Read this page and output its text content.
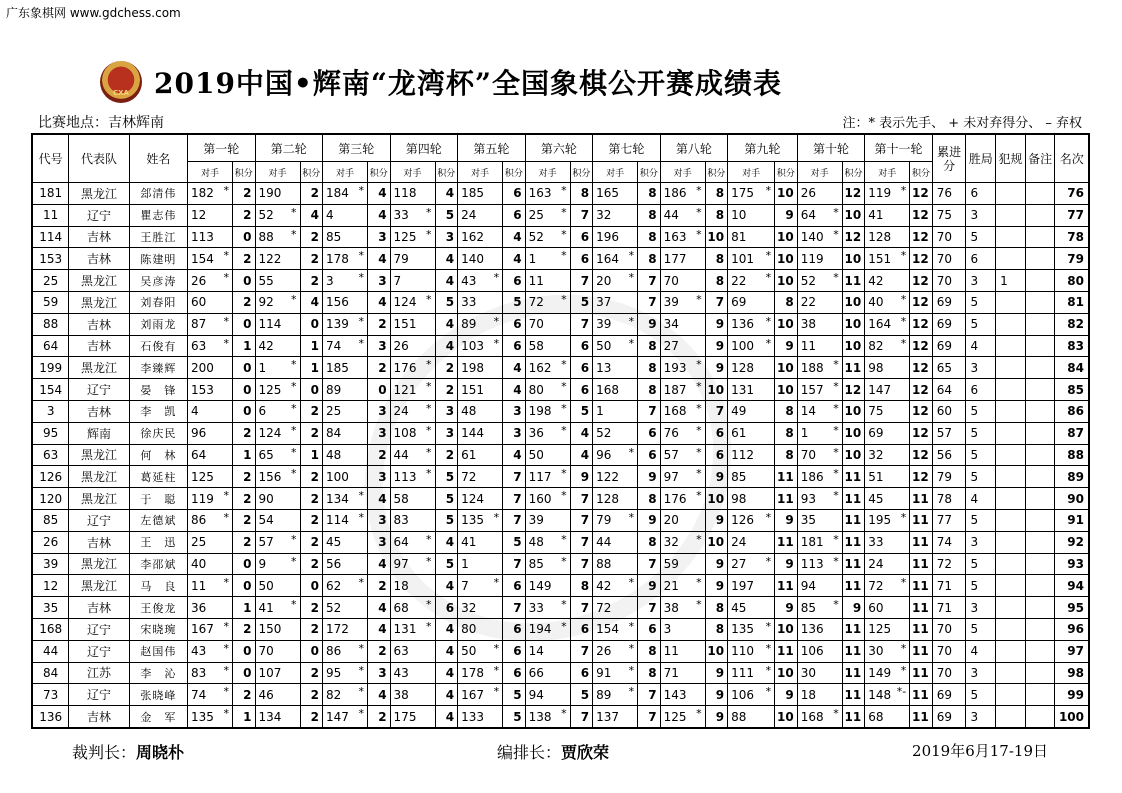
广东象棋网 www.gdchess.com
CXA 2019中国•辉南“龙湾杯”全国象棋公开赛成绩表
比赛地点：吉林辉南	注：* 表示先手、 + 未对弃得分、 – 弃权
代号	代表队	姓名	第一轮		第二轮		第三轮		第四轮		第五轮		第六轮		第七轮		第八轮		第九轮		第十轮		第十一轮		累进分	胜局	犯规	备注	名次
			对手	积分	对手	积分	对手	积分	对手	积分	对手	积分	对手	积分	对手	积分	对手	积分	对手	积分	对手	积分	对手	积分					
181	黑龙江	郐清伟	182 *	2	190	2	184 *	4	118	4	185	6	163 *	8	165	8	186 *	8	175 *	10	26	12	119 *	12	76	6			76
11	辽宁	瞿志伟	12	2	52 *	4	4	4	33 *	5	24	6	25 *	7	32	8	44 *	8	10	9	64 *	10	41	12	75	3			77
114	吉林	王胜江	113	0	88 *	2	85	3	125 *	3	162	4	52 *	6	196	8	163 *	10	81	10	140 *	12	128	12	70	5			78
153	吉林	陈建明	154 *	2	122	2	178 *	4	79	4	140	4	1 *	6	164 *	8	177	8	101 *	10	119	10	151 *	12	70	6			79
25	黑龙江	吴彦涛	26 *	0	55	2	3 *	3	7	4	43 *	6	11	7	20 *	7	70	8	22 *	10	52 *	11	42	12	70	3	1		80
59	黑龙江	刘春阳	60	2	92 *	4	156	4	124 *	5	33	5	72 *	5	37	7	39 *	7	69	8	22	10	40 *	12	69	5			81
88	吉林	刘雨龙	87 *	0	114	0	139 *	2	151	4	89 *	6	70	7	39 *	9	34	9	136 *	10	38	10	164 *	12	69	5			82
64	吉林	石俊有	63 *	1	42	1	74 *	3	26	4	103 *	6	58	6	50 *	8	27	9	100 *	9	11	10	82 *	12	69	4			83
199	黑龙江	李臻辉	200	0	1 *	1	185	2	176 *	2	198	4	162 *	6	13	8	193 *	9	128	10	188 *	11	98	12	65	3			84
154	辽宁	晏　锋	153	0	125 *	0	89	0	121 *	2	151	4	80 *	6	168	8	187 *	10	131	10	157 *	12	147	12	64	6			85
3	吉林	李　凯	4	0	6 *	2	25	3	24 *	3	48	3	198 *	5	1	7	168 *	7	49	8	14 *	10	75	12	60	5			86
95	辉南	徐庆民	96	2	124 *	2	84	3	108 *	3	144	3	36 *	4	52	6	76 *	6	61	8	1 *	10	69	12	57	5			87
63	黑龙江	何　林	64	1	65 *	1	48	2	44 *	2	61	4	50	4	96 *	6	57 *	6	112	8	70 *	10	32	12	56	5			88
126	黑龙江	葛延柱	125	2	156 *	2	100	3	113 *	5	72	7	117 *	9	122	9	97 *	9	85	11	186 *	11	51	12	79	5			89
120	黑龙江	于　聪	119 *	2	90	2	134 *	4	58	5	124	7	160 *	7	128	8	176 *	10	98	11	93 *	11	45	11	78	4			90
85	辽宁	左德斌	86 *	2	54	2	114 *	3	83	5	135 *	7	39	7	79 *	9	20	9	126 *	9	35	11	195 *	11	77	5			91
26	吉林	王　迅	25	2	57 *	2	45	3	64 *	4	41	5	48 *	7	44	8	32 *	10	24	11	181 *	11	33	11	74	3			92
39	黑龙江	李邵斌	40	0	9 *	2	56	4	97 *	5	1	7	85 *	7	88	7	59	9	27 *	9	113 *	11	24	11	72	5			93
12	黑龙江	马　良	11 *	0	50	0	62 *	2	18	4	7 *	6	149	8	42 *	9	21 *	9	197	11	94	11	72 *	11	71	5			94
35	吉林	王俊龙	36	1	41 *	2	52	4	68 *	6	32	7	33 *	7	72	7	38 *	8	45	9	85 *	9	60	11	71	3			95
168	辽宁	宋晓琬	167 *	2	150	2	172	4	131 *	4	80	6	194 *	6	154 *	6	3	8	135 *	10	136	11	125	11	70	5			96
44	辽宁	赵国伟	43 *	0	70	0	86 *	2	63	4	50 *	6	14	7	26 *	8	11	10	110 *	11	106	11	30 *	11	70	4			97
84	江苏	李　沁	83 *	0	107	2	95 *	3	43	4	178 *	6	66	6	91 *	8	71	9	111 *	10	30	11	149 *	11	70	3			98
73	辽宁	张晓峰	74 *	2	46	2	82 *	4	38	4	167 *	5	94	5	89 *	7	143	9	106 *	9	18	11	148 *-	11	69	5			99
136	吉林	金　军	135 *	1	134	2	147 *	2	175	4	133	5	138 *	7	137	7	125 *	9	88	10	168 *	11	68	11	69	3			100
裁判长：周晓朴	编排长：贾欣荣	2019年6月17-19日
